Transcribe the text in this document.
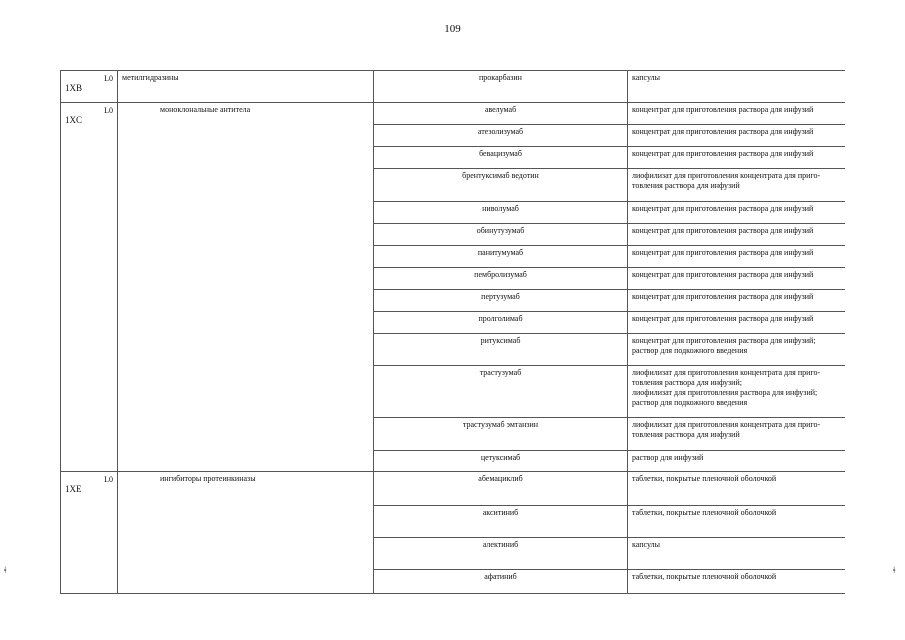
109
ǂ	ǂ
L0
1XB	метилгидразины	прокарбазин	капсулы

L0
1XC	моноклональные антитела	авелумаб	концентрат для приготовления раствора для инфузий

		атезолизумаб	концентрат для приготовления раствора для инфузий

		бевацизумаб	концентрат для приготовления раствора для инфузий

		брентуксимаб ведотин	лиофилизат для приготовления концентрата для приго-
товления раствора для инфузий

		ниволумаб	концентрат для приготовления раствора для инфузий

		обинутузумаб	концентрат для приготовления раствора для инфузий

		панитумумаб	концентрат для приготовления раствора для инфузий

		пембролизумаб	концентрат для приготовления раствора для инфузий

		пертузумаб	концентрат для приготовления раствора для инфузий

		пролголимаб	концентрат для приготовления раствора для инфузий

		ритуксимаб	концентрат для приготовления раствора для инфузий;
раствор для подкожного введения

		трастузумаб	лиофилизат для приготовления концентрата для приго-
товления раствора для инфузий;
лиофилизат для приготовления раствора для инфузий;
раствор для подкожного введения

		трастузумаб эмтанзин	лиофилизат для приготовления концентрата для приго-
товления раствора для инфузий

		цетуксимаб	раствор для инфузий

L0
1XE	ингибиторы протеинкиназы	абемациклиб	таблетки, покрытые пленочной оболочкой

		акситиниб	таблетки, покрытые пленочной оболочкой

		алектиниб	капсулы

		афатиниб	таблетки, покрытые пленочной оболочкой
